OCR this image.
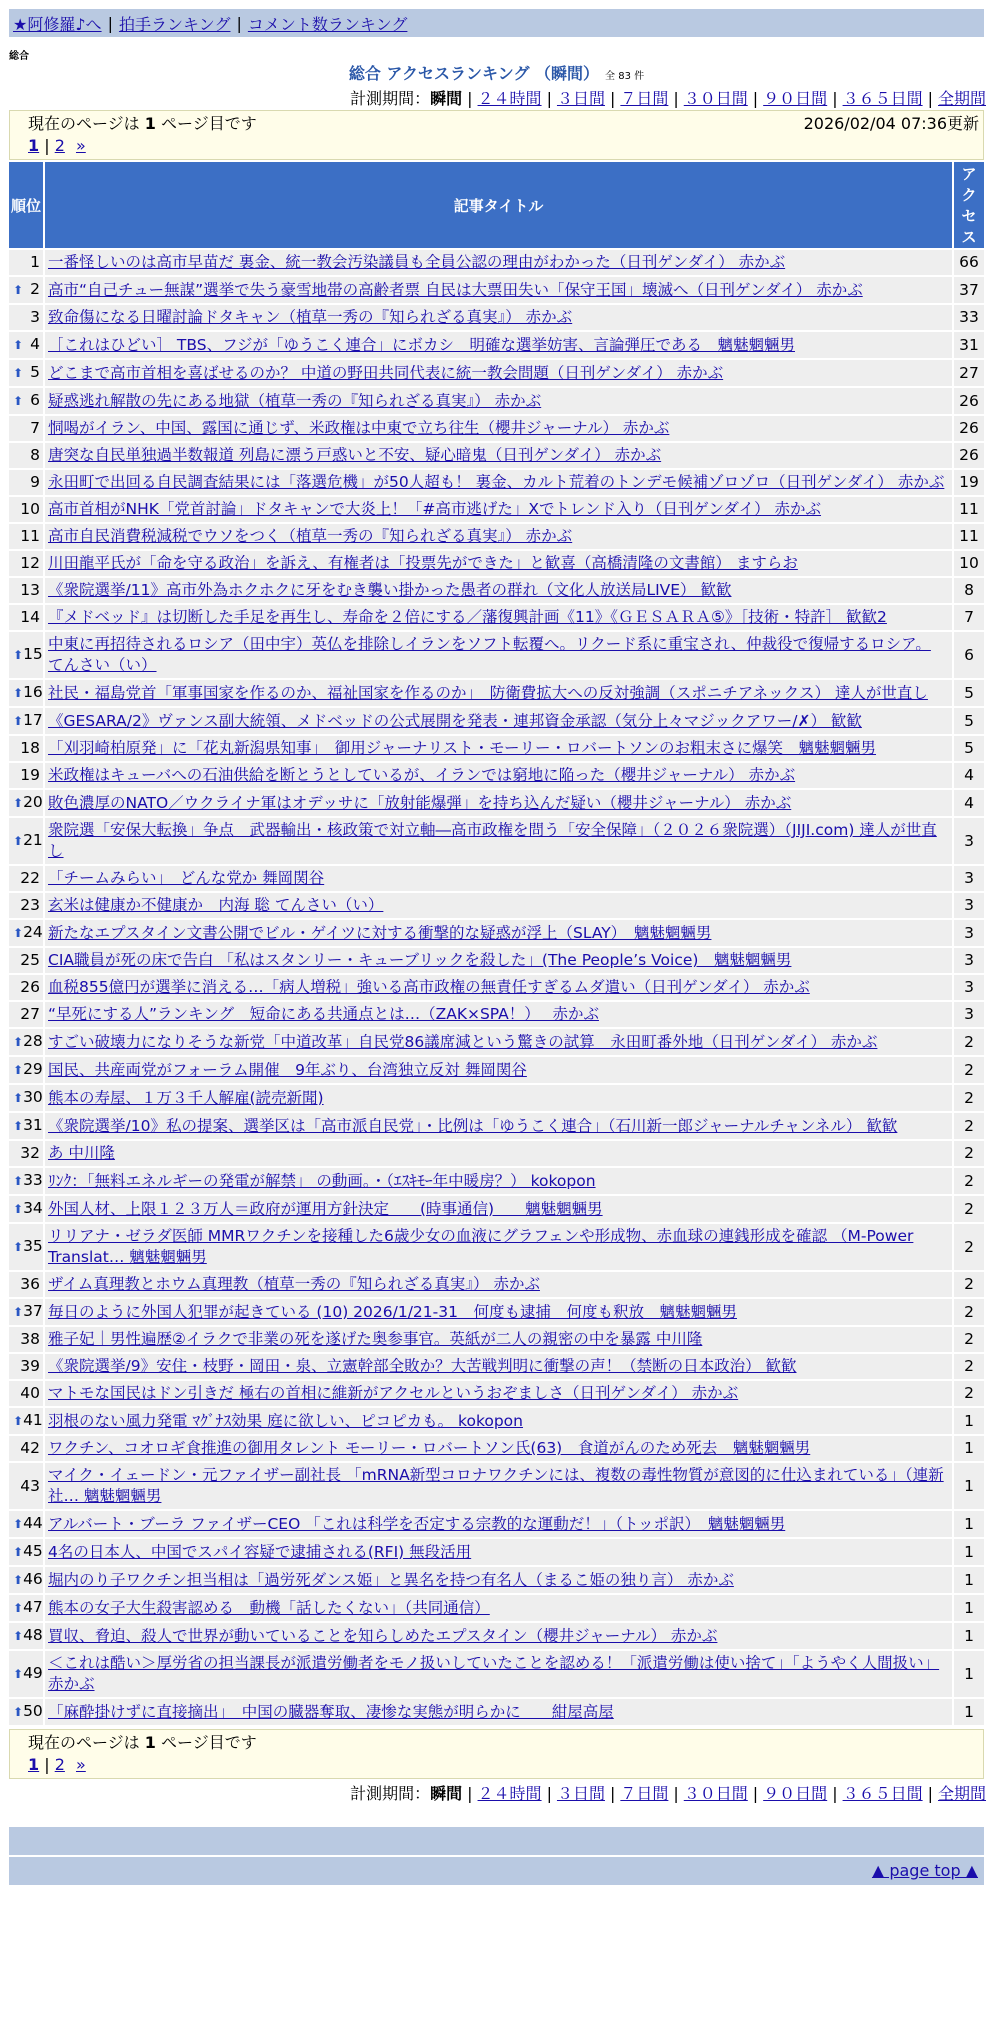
★阿修羅♪へ | 拍手ランキング | コメント数ランキング
総合
総合 アクセスランキング （瞬間） 全 83 件
計測期間：瞬間 | ２４時間 | ３日間 | ７日間 | ３０日間 | ９０日間 | ３６５日間 | 全期間
現在のページは 1 ページ目です	2026/02/04 07:36更新
1 | 2 »
順位	記事タイトル	アクセス
1	一番怪しいのは高市早苗だ 裏金、統一教会汚染議員も全員公認の理由がわかった（日刊ゲンダイ） 赤かぶ	66

⬆ 2	高市“自己チュー無謀”選挙で失う豪雪地帯の高齢者票 自民は大票田失い「保守王国」壊滅へ（日刊ゲンダイ） 赤かぶ	37
3	致命傷になる日曜討論ドタキャン（植草一秀の『知られざる真実』） 赤かぶ	33

⬆ 4	［これはひどい］ TBS、フジが「ゆうこく連合」にボカシ　明確な選挙妨害、言論弾圧である　魑魅魍魎男	31

⬆ 5	どこまで高市首相を喜ばせるのか？ 中道の野田共同代表に統一教会問題（日刊ゲンダイ） 赤かぶ	27

⬆ 6	疑惑逃れ解散の先にある地獄（植草一秀の『知られざる真実』） 赤かぶ	26
7	恫喝がイラン、中国、露国に通じず、米政権は中東で立ち往生（櫻井ジャーナル） 赤かぶ	26
8	唐突な自民単独過半数報道 列島に漂う戸惑いと不安、疑心暗鬼（日刊ゲンダイ） 赤かぶ	26
9	永田町で出回る自民調査結果には「落選危機」が50人超も！ 裏金、カルト荒着のトンデモ候補ゾロゾロ（日刊ゲンダイ） 赤かぶ	19
10	高市首相がNHK「党首討論」ドタキャンで大炎上！「#高市逃げた」Xでトレンド入り（日刊ゲンダイ） 赤かぶ	11
11	高市自民消費税減税でウソをつく（植草一秀の『知られざる真実』） 赤かぶ	11
12	川田龍平氏が「命を守る政治」を訴え、有権者は「投票先ができた」と歓喜（高橋清隆の文書館） ますらお	10
13	《衆院選挙/11》高市外為ホクホクに牙をむき襲い掛かった愚者の群れ（文化人放送局LIVE） 歓歓	8
14	『メドベッド』は切断した手足を再生し、寿命を２倍にする／藩復興計画《11》《ＧＥＳＡＲＡ⑤》［技術・特許］ 歓歓2	7

⬆ 15	中東に再招待されるロシア（田中宇）英仏を排除しイランをソフト転覆へ。リクード系に重宝され、仲裁役で復帰するロシア。 てんさい（い）	6

⬆ 16	社民・福島党首「軍事国家を作るのか、福祉国家を作るのか」　防衛費拡大への反対強調（スポニチアネックス） 達人が世直し	5

⬆ 17	《GESARA/2》ヴァンス副大統領、メドベッドの公式展開を発表・連邦資金承認（気分上々マジックアワー/✗） 歓歓	5
18	「刈羽崎柏原発」に「花丸新潟県知事」　御用ジャーナリスト・モーリー・ロバートソンのお粗末さに爆笑　魑魅魍魎男	5
19	米政権はキューバへの石油供給を断とうとしているが、イランでは窮地に陥った（櫻井ジャーナル） 赤かぶ	4

⬆ 20	敗色濃厚のNATO／ウクライナ軍はオデッサに「放射能爆弾」を持ち込んだ疑い（櫻井ジャーナル） 赤かぶ	4

⬆ 21	衆院選「安保大転換」争点　武器輸出・核政策で対立軸―高市政権を問う「安全保障」（２０２６衆院選）（JIJI.com) 達人が世直し	3
22	「チームみらい」　どんな党か 舞岡関谷	3
23	玄米は健康か不健康か　内海 聡 てんさい（い）	3

⬆ 24	新たなエプスタイン文書公開でビル・ゲイツに対する衝撃的な疑惑が浮上（SLAY）　魑魅魍魎男	3
25	CIA職員が死の床で告白 「私はスタンリー・キューブリックを殺した」(The People’s Voice)　魑魅魍魎男	3
26	血税855億円が選挙に消える…「病人増税」強いる高市政権の無責任すぎるムダ遣い（日刊ゲンダイ） 赤かぶ	3
27	“早死にする人”ランキング　短命にある共通点とは…（ZAK×SPA！）　 赤かぶ	3

⬆ 28	すごい破壊力になりそうな新党「中道改革」自民党86議席減という驚きの試算　永田町番外地（日刊ゲンダイ） 赤かぶ	2

⬆ 29	国民、共産両党がフォーラム開催　9年ぶり、台湾独立反対 舞岡関谷	2

⬆ 30	熊本の寿屋、１万３千人解雇(読売新聞)	2

⬆ 31	《衆院選挙/10》私の提案、選挙区は「高市派自民党」・比例は「ゆうこく連合」（石川新一郎ジャーナルチャンネル） 歓歓	2
32	あ 中川隆	2

⬆ 33	ﾘﾝｸ：「無料エネルギーの発電が解禁」 の動画。・（ｴｽｷﾓｰ年中暖房？） kokopon	2

⬆ 34	外国人材、上限１２３万人＝政府が運用方針決定　　(時事通信)　　魑魅魍魎男	2

⬆ 35	リリアナ・ゼラダ医師 MMRワクチンを接種した6歳少女の血液にグラフェンや形成物、赤血球の連銭形成を確認 （M-Power Translat… 魑魅魍魎男	2
36	ザイム真理教とホウム真理教（植草一秀の『知られざる真実』） 赤かぶ	2

⬆ 37	毎日のように外国人犯罪が起きている (10) 2026/1/21-31　何度も逮捕　何度も釈放　魑魅魍魎男	2
38	雅子妃｜男性遍歴②イラクで非業の死を遂げた奥参事官。英紙が二人の親密の中を暴露 中川隆	2
39	《衆院選挙/9》安住・枝野・岡田・泉、立憲幹部全敗か？大苦戦判明に衝撃の声！（禁断の日本政治） 歓歓	2
40	マトモな国民はドン引きだ 極右の首相に維新がアクセルというおぞましさ（日刊ゲンダイ） 赤かぶ	2

⬆ 41	羽根のない風力発電 ﾏｸﾞﾅｽ効果 庭に欲しい、ピコピカも。 kokopon	1
42	ワクチン、コオロギ食推進の御用タレント モーリー・ロバートソン氏(63)　食道がんのため死去　魑魅魍魎男	1
43	マイク・イェードン・元ファイザー副社長 「mRNA新型コロナワクチンには、複数の毒性物質が意図的に仕込まれている」（連新社… 魑魅魍魎男	1

⬆ 44	アルバート・ブーラ ファイザーCEO 「これは科学を否定する宗教的な運動だ！」（トッポ訳）　魑魅魍魎男	1

⬆ 45	4名の日本人、中国でスパイ容疑で逮捕される(RFI) 無段活用	1

⬆ 46	堀内のり子ワクチン担当相は「過労死ダンス姫」と異名を持つ有名人（まるこ姫の独り言） 赤かぶ	1

⬆ 47	熊本の女子大生殺害認める　動機「話したくない」（共同通信）	1

⬆ 48	買収、脅迫、殺人で世界が動いていることを知らしめたエプスタイン（櫻井ジャーナル） 赤かぶ	1

⬆ 49	＜これは酷い＞厚労省の担当課長が派遣労働者をモノ扱いしていたことを認める！「派遣労働は使い捨て」「ようやく人間扱い」 赤かぶ	1

⬆ 50	「麻酔掛けずに直接摘出」　中国の臓器奪取、凄惨な実態が明らかに　　紺屋高屋	1
現在のページは 1 ページ目です
1 | 2 »
計測期間：瞬間 | ２４時間 | ３日間 | ７日間 | ３０日間 | ９０日間 | ３６５日間 | 全期間
▲ page top ▲
